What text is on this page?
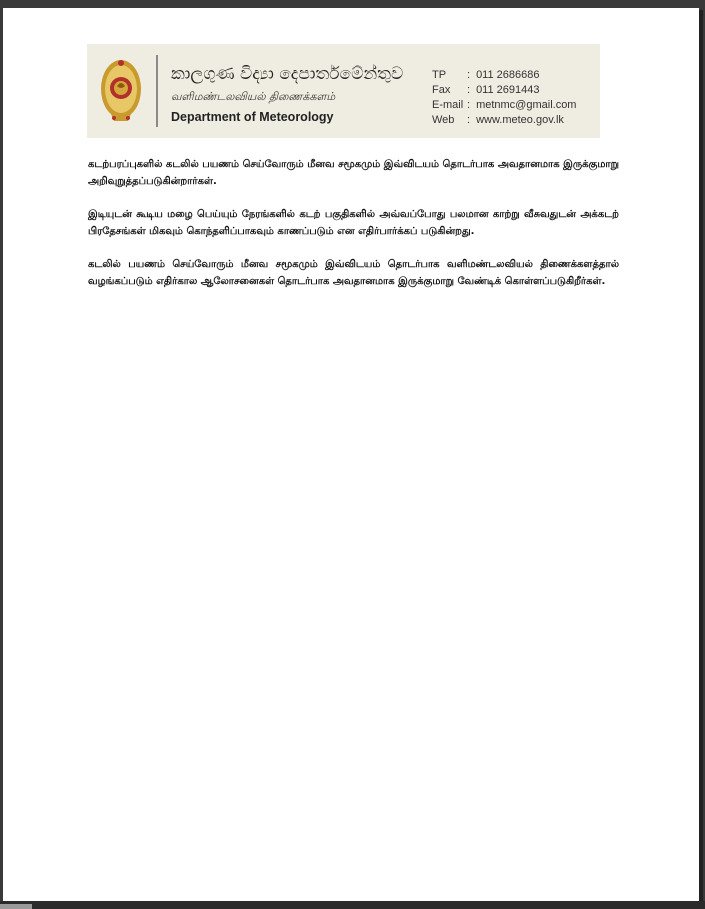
කාලගුණ විද්‍යා දෙපාර්තමේන්තුව
வளிமண்டலவியல் திணைக்களம்
Department of Meteorology
TP : 011 2686686
Fax : 011 2691443
E-mail : metnmc@gmail.com
Web : www.meteo.gov.lk

கடற்பரப்புகளில் கடலில் பயணம் செய்வோரும் மீனவ சமூகமும் இவ்விடயம் தொடர்பாக அவதானமாக இருக்குமாறு அறிவுறுத்தப்படுகின்றார்கள்.

இடியுடன் கூடிய மழை பெய்யும் நேரங்களில் கடற் பகுதிகளில் அவ்வப்போது பலமான காற்று வீசுவதுடன் அக்கடற் பிரதேசங்கள் மிகவும் கொந்தளிப்பாகவும் காணப்படும் என எதிர்பார்க்கப் படுகின்றது.

கடலில் பயணம் செய்வோரும் மீனவ சமூகமும் இவ்விடயம் தொடர்பாக வளிமண்டலவியல் திணைக்களத்தால் வழங்கப்படும் எதிர்கால ஆலோசனைகள் தொடர்பாக அவதானமாக இருக்குமாறு வேண்டிக் கொள்ளப்படுகிறீர்கள்.
